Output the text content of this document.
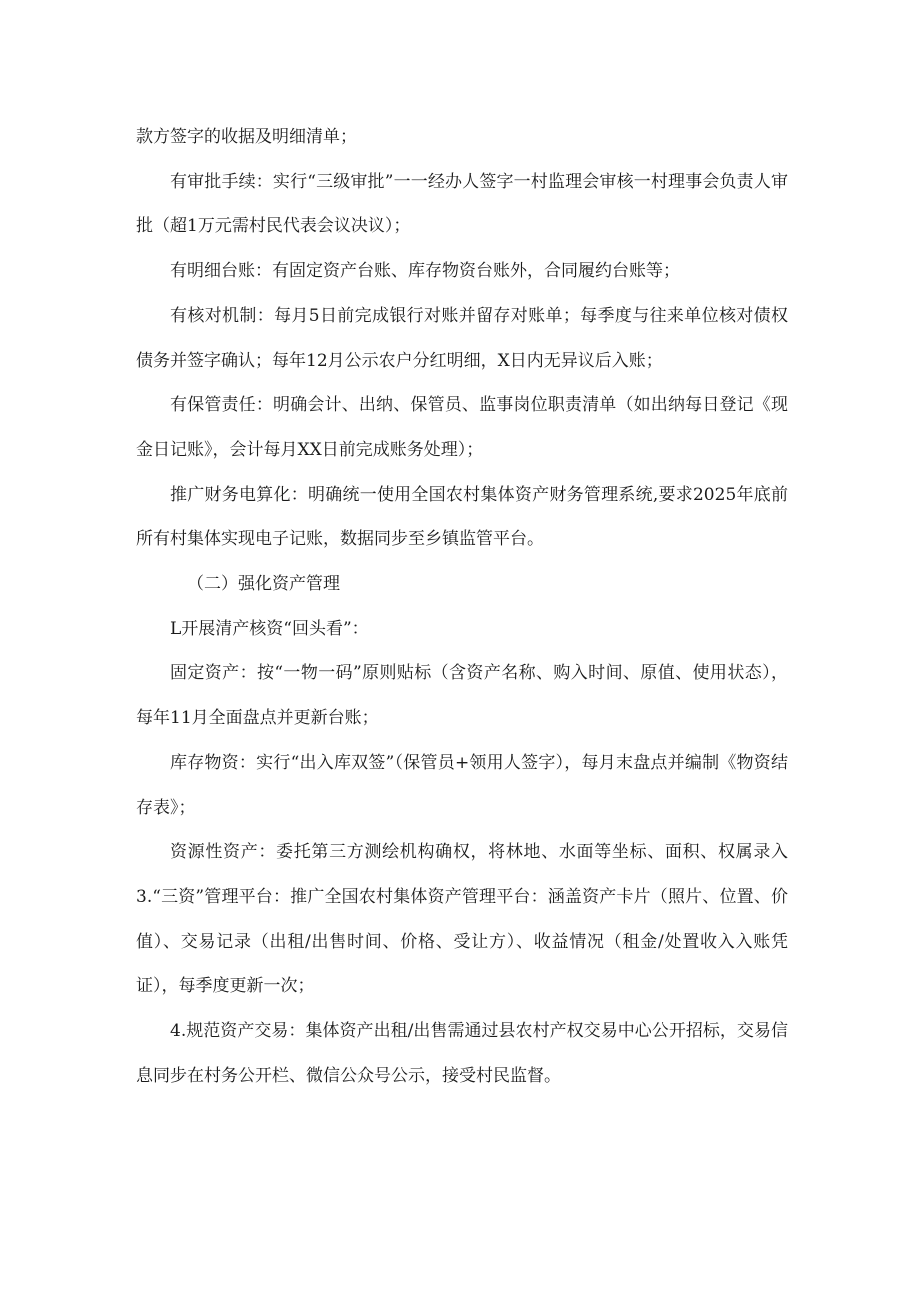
款方签字的收据及明细清单；

有审批手续：实行“三级审批”一一经办人签字一村监理会审核一村理事会负责人审批（超1万元需村民代表会议决议）；

有明细台账：有固定资产台账、库存物资台账外，合同履约台账等；

有核对机制：每月5日前完成银行对账并留存对账单；每季度与往来单位核对债权债务并签字确认；每年12月公示农户分红明细，X日内无异议后入账；

有保管责任：明确会计、出纳、保管员、监事岗位职责清单（如出纳每日登记《现金日记账》，会计每月XX日前完成账务处理）；

推广财务电算化：明确统一使用全国农村集体资产财务管理系统,要求2025年底前所有村集体实现电子记账，数据同步至乡镇监管平台。

（二）强化资产管理

L开展清产核资“回头看”：

固定资产：按“一物一码”原则贴标（含资产名称、购入时间、原值、使用状态），每年11月全面盘点并更新台账；

库存物资：实行“出入库双签”（保管员+领用人签字），每月末盘点并编制《物资结存表》；

资源性资产：委托第三方测绘机构确权，将林地、水面等坐标、面积、权属录入3.“三资”管理平台：推广全国农村集体资产管理平台：涵盖资产卡片（照片、位置、价值）、交易记录（出租/出售时间、价格、受让方）、收益情况（租金/处置收入入账凭证），每季度更新一次；

4.规范资产交易：集体资产出租/出售需通过县农村产权交易中心公开招标，交易信息同步在村务公开栏、微信公众号公示，接受村民监督。
